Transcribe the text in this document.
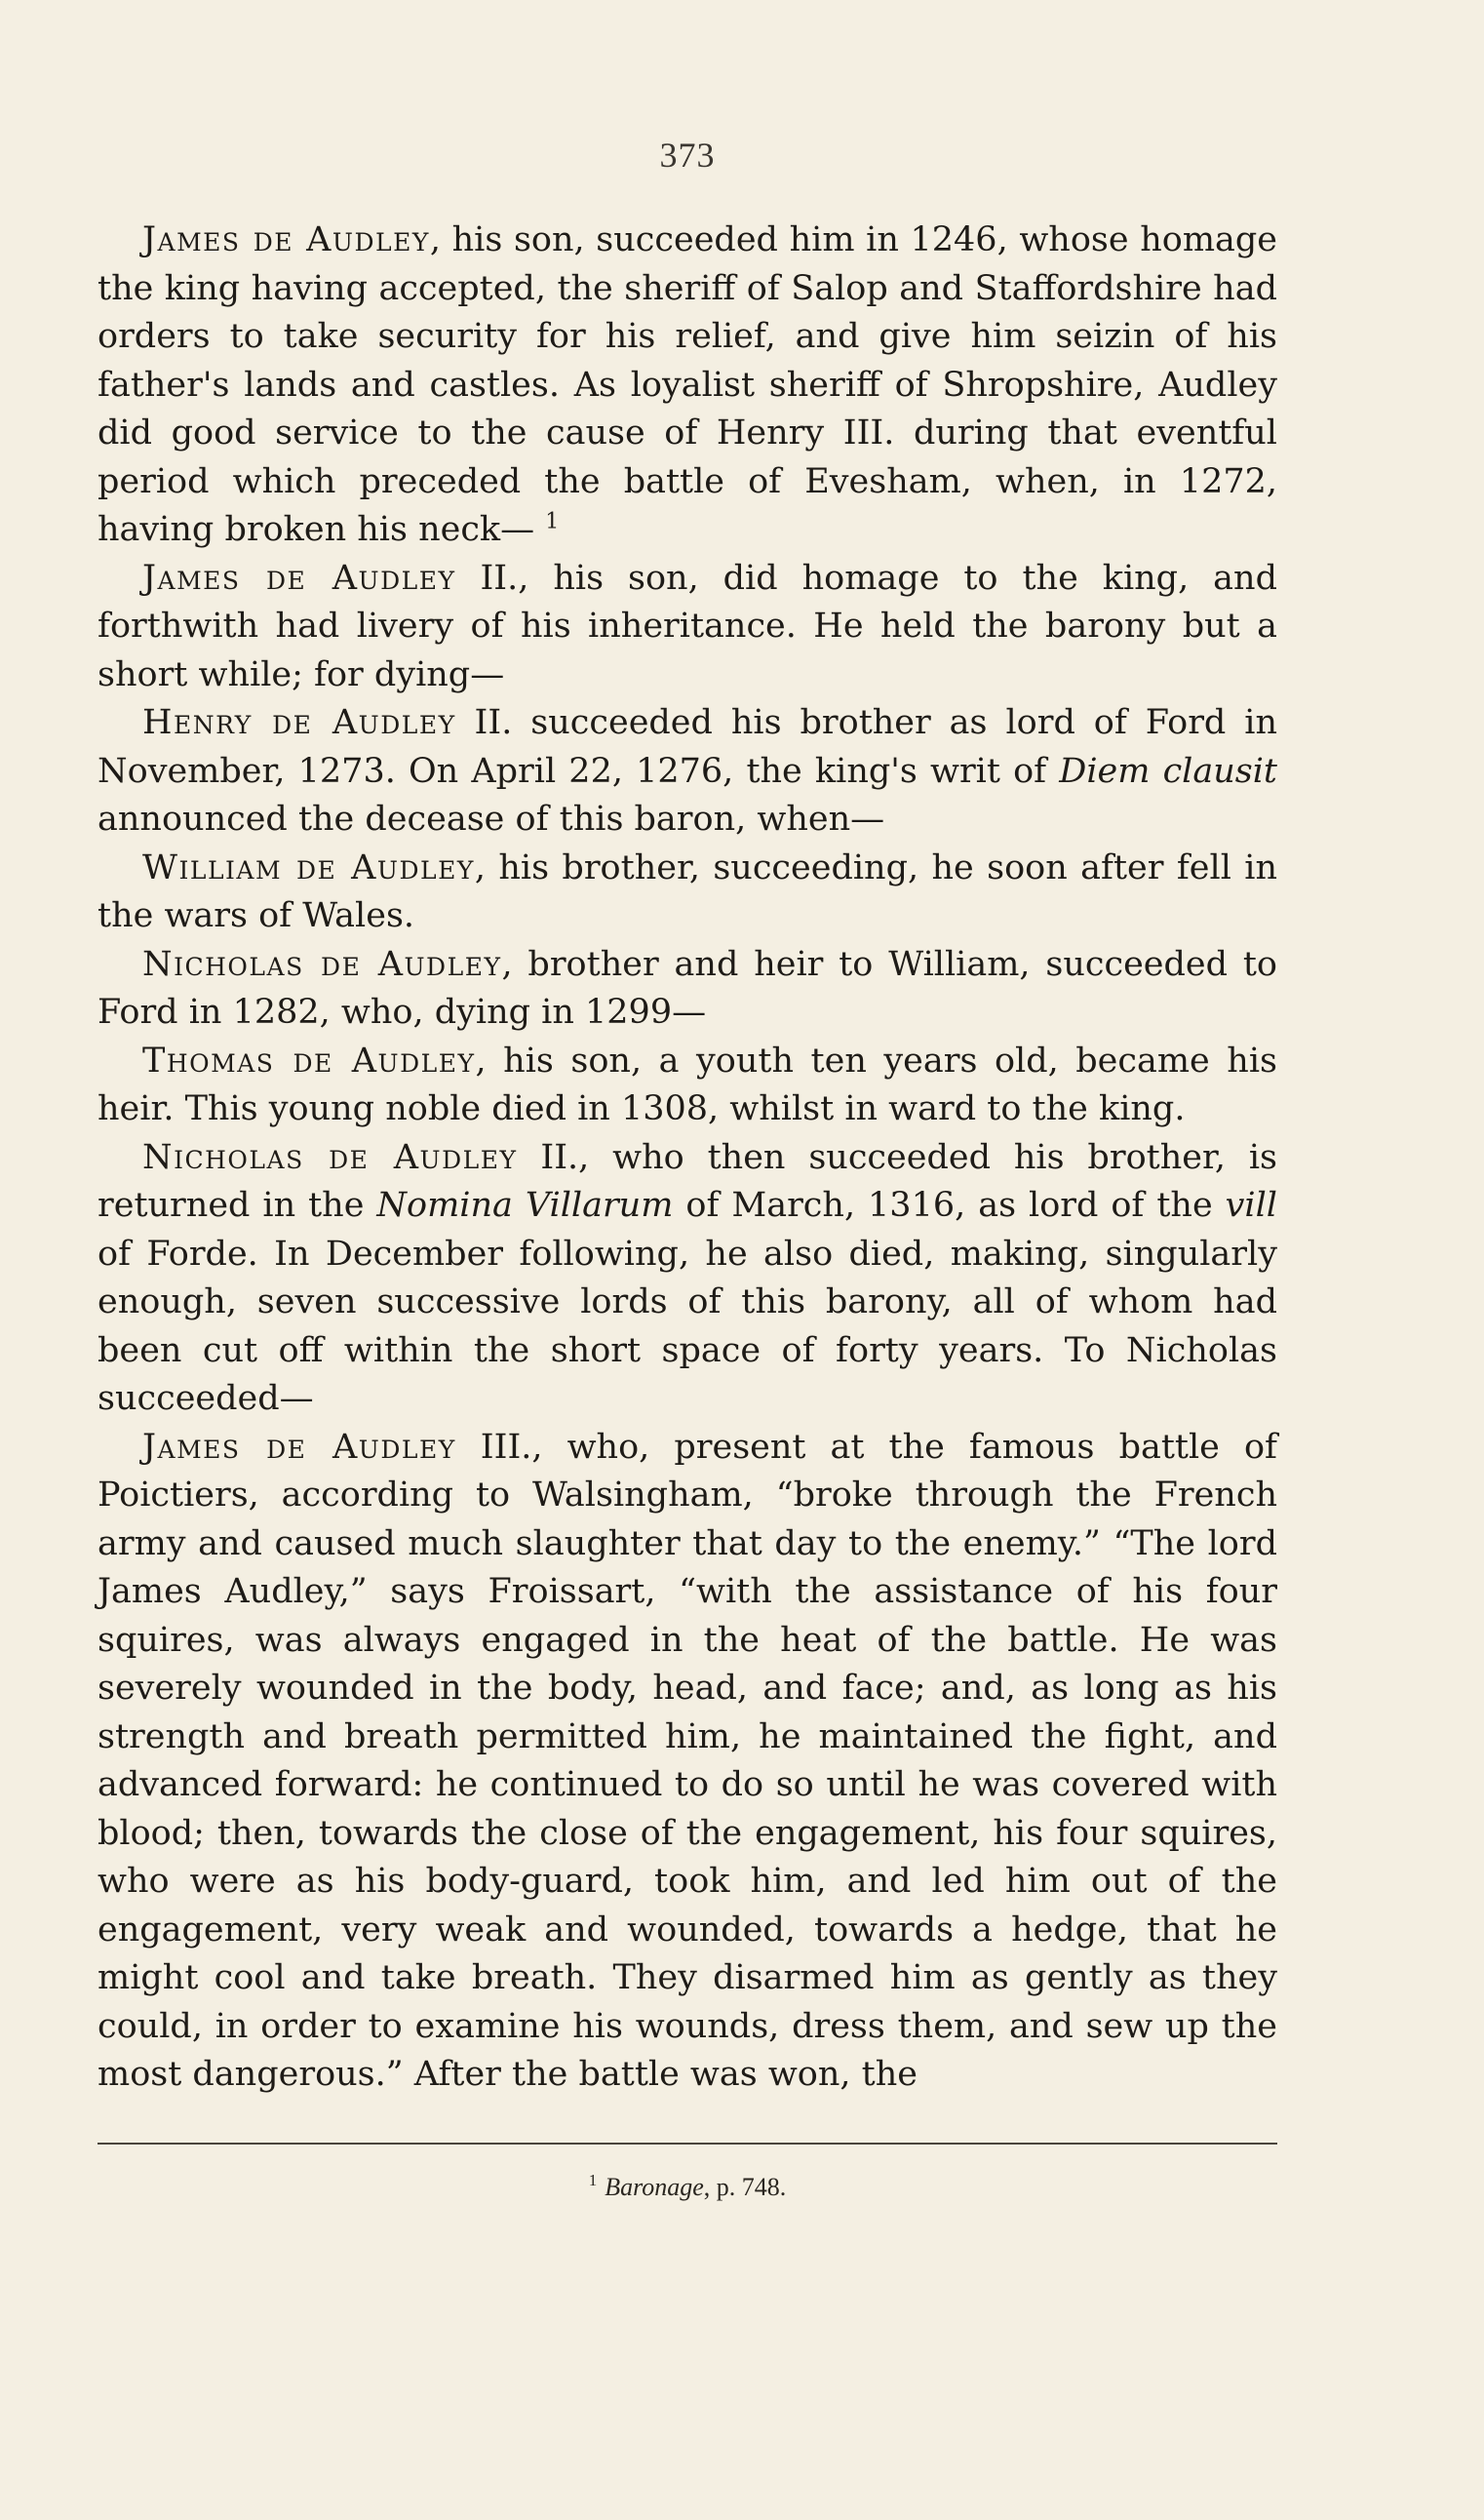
373

James de Audley, his son, succeeded him in 1246, whose homage the king having accepted, the sheriff of Salop and Staffordshire had orders to take security for his relief, and give him seizin of his father's lands and castles. As loyalist sheriff of Shropshire, Audley did good service to the cause of Henry III. during that eventful period which preceded the battle of Evesham, when, in 1272, having broken his neck— $^1$

James de Audley II., his son, did homage to the king, and forthwith had livery of his inheritance. He held the barony but a short while; for dying—

Henry de Audley II. succeeded his brother as lord of Ford in November, 1273. On April 22, 1276, the king's writ of Diem clausit announced the decease of this baron, when—

William de Audley, his brother, succeeding, he soon after fell in the wars of Wales.

Nicholas de Audley, brother and heir to William, succeeded to Ford in 1282, who, dying in 1299—

Thomas de Audley, his son, a youth ten years old, became his heir. This young noble died in 1308, whilst in ward to the king.

Nicholas de Audley II., who then succeeded his brother, is returned in the Nomina Villarum of March, 1316, as lord of the vill of Forde. In December following, he also died, making, singularly enough, seven successive lords of this barony, all of whom had been cut off within the short space of forty years. To Nicholas succeeded—

James de Audley III., who, present at the famous battle of Poictiers, according to Walsingham, “broke through the French army and caused much slaughter that day to the enemy.” “The lord James Audley,” says Froissart, “with the assistance of his four squires, was always engaged in the heat of the battle. He was severely wounded in the body, head, and face; and, as long as his strength and breath permitted him, he maintained the fight, and advanced forward: he continued to do so until he was covered with blood; then, towards the close of the engagement, his four squires, who were as his body-guard, took him, and led him out of the engagement, very weak and wounded, towards a hedge, that he might cool and take breath. They disarmed him as gently as they could, in order to examine his wounds, dress them, and sew up the most dangerous.” After the battle was won, the

$^1$ Baronage, p. 748.
